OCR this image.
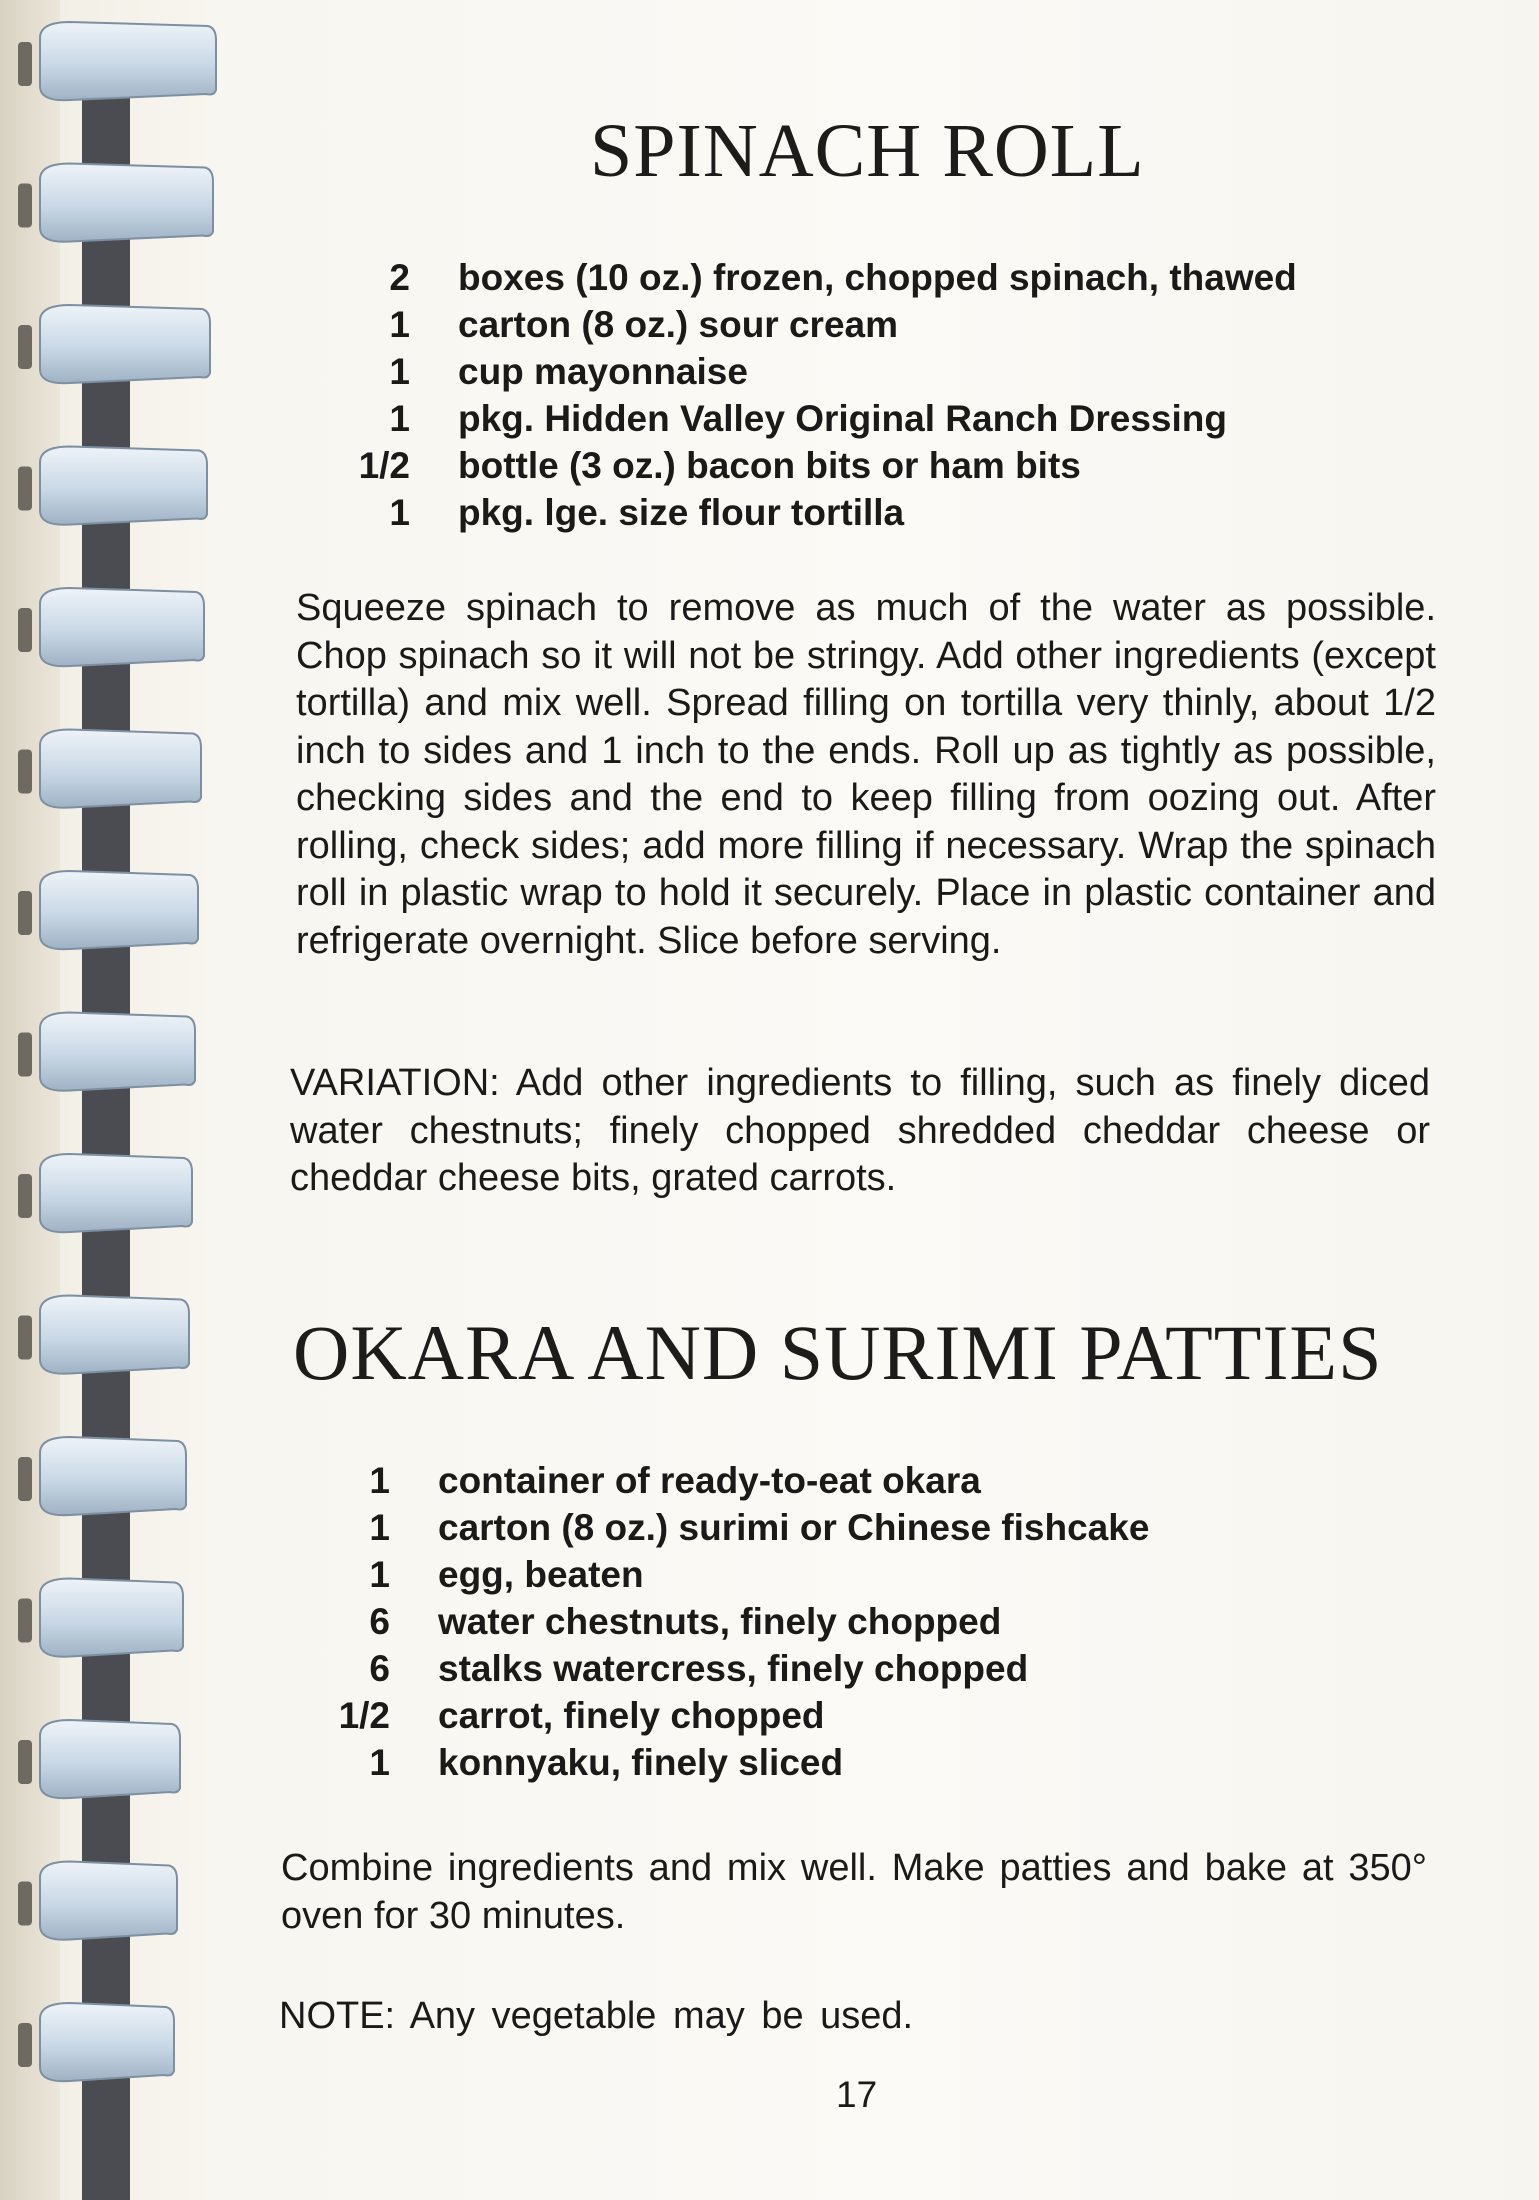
SPINACH ROLL
2	boxes (10 oz.) frozen, chopped spinach, thawed
1	carton (8 oz.) sour cream
1	cup mayonnaise
1	pkg. Hidden Valley Original Ranch Dressing
1/2	bottle (3 oz.) bacon bits or ham bits
1	pkg. lge. size flour tortilla

Squeeze spinach to remove as much of the water as possible. Chop spinach so it will not be stringy. Add other ingredients (except tortilla) and mix well. Spread filling on tortilla very thinly, about 1/2 inch to sides and 1 inch to the ends. Roll up as tightly as possible, checking sides and the end to keep filling from oozing out. After rolling, check sides; add more filling if necessary. Wrap the spinach roll in plastic wrap to hold it securely. Place in plastic container and refrigerate overnight. Slice before serving.

VARIATION: Add other ingredients to filling, such as finely diced water chestnuts; finely chopped shredded cheddar cheese or cheddar cheese bits, grated carrots.

OKARA AND SURIMI PATTIES
1	container of ready-to-eat okara
1	carton (8 oz.) surimi or Chinese fishcake
1	egg, beaten
6	water chestnuts, finely chopped
6	stalks watercress, finely chopped
1/2	carrot, finely chopped
1	konnyaku, finely sliced

Combine ingredients and mix well. Make patties and bake at 350° oven for 30 minutes.

NOTE: Any vegetable may be used.

17
